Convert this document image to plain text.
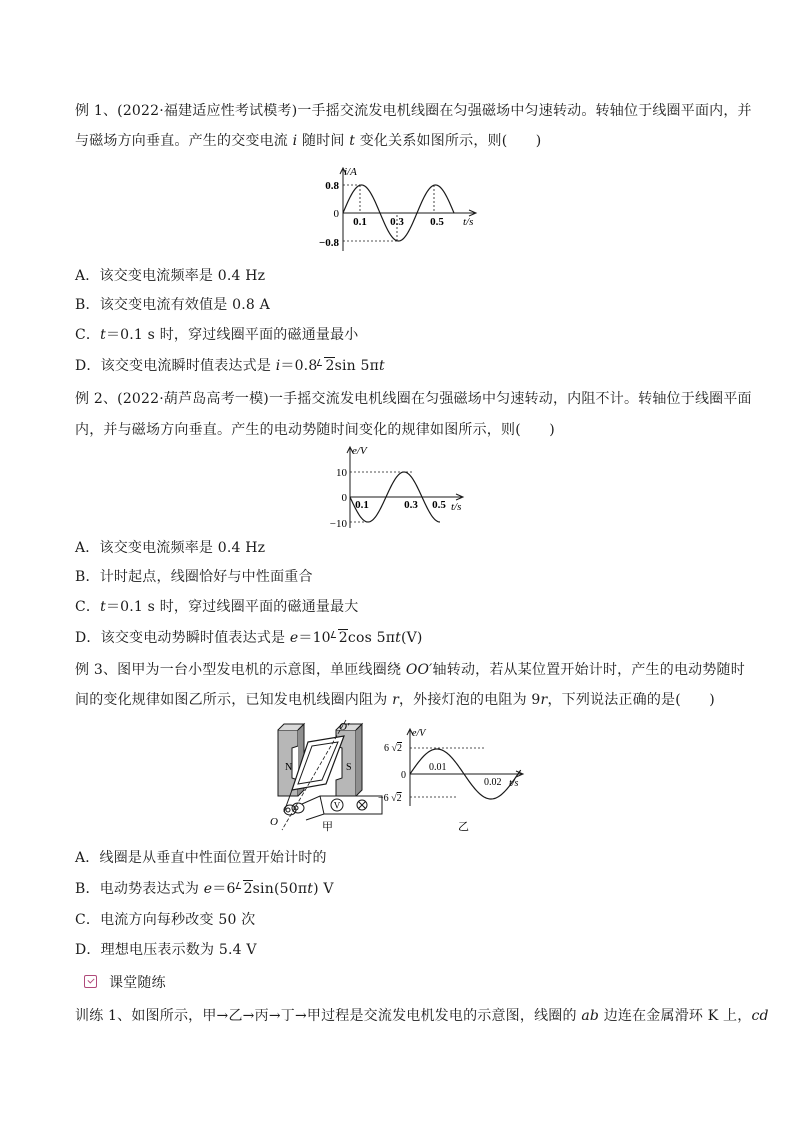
例 1、(2022·福建适应性考试模考)一手摇交流发电机线圈在匀强磁场中匀速转动。转轴位于线圈平面内，并
与磁场方向垂直。产生的交变电流 i 随时间 t 变化关系如图所示，则(　　)
i/A
t/s
0.8
0
−0.8
0.1 0.3 0.5
A．该交变电流频率是 0.4 Hz
B．该交变电流有效值是 0.8 A
C．t＝0.1 s 时，穿过线圈平面的磁通量最小
D．该交变电流瞬时值表达式是 i＝0.8 2sin 5πt
例 2、(2022·葫芦岛高考一模)一手摇交流发电机线圈在匀强磁场中匀速转动，内阻不计。转轴位于线圈平面
内，并与磁场方向垂直。产生的电动势随时间变化的规律如图所示，则(　　)
e/V
t/s
10
0
−10
0.1	0.3 0.5
A．该交变电流频率是 0.4 Hz
B．计时起点，线圈恰好与中性面重合
C．t＝0.1 s 时，穿过线圈平面的磁通量最大
D．该交变电动势瞬时值表达式是 e＝10 2cos 5πt(V)
例 3、图甲为一台小型发电机的示意图，单匝线圈绕 OO′轴转动，若从某位置开始计时，产生的电动势随时
间的变化规律如图乙所示，已知发电机线圈内阻为 r，外接灯泡的电阻为 9r，下列说法正确的是(　　)
N	S
V
O
O′
甲
e/V
t/s
6 √2
0
−6 √2
0.01
0.02
乙
A．线圈是从垂直中性面位置开始计时的
B．电动势表达式为 e＝6 2sin(50πt) V
C．电流方向每秒改变 50 次
D．理想电压表示数为 5.4 V
课堂随练
训练 1、如图所示，甲→乙→丙→丁→甲过程是交流发电机发电的示意图，线圈的 ab 边连在金属滑环 K 上，cd
